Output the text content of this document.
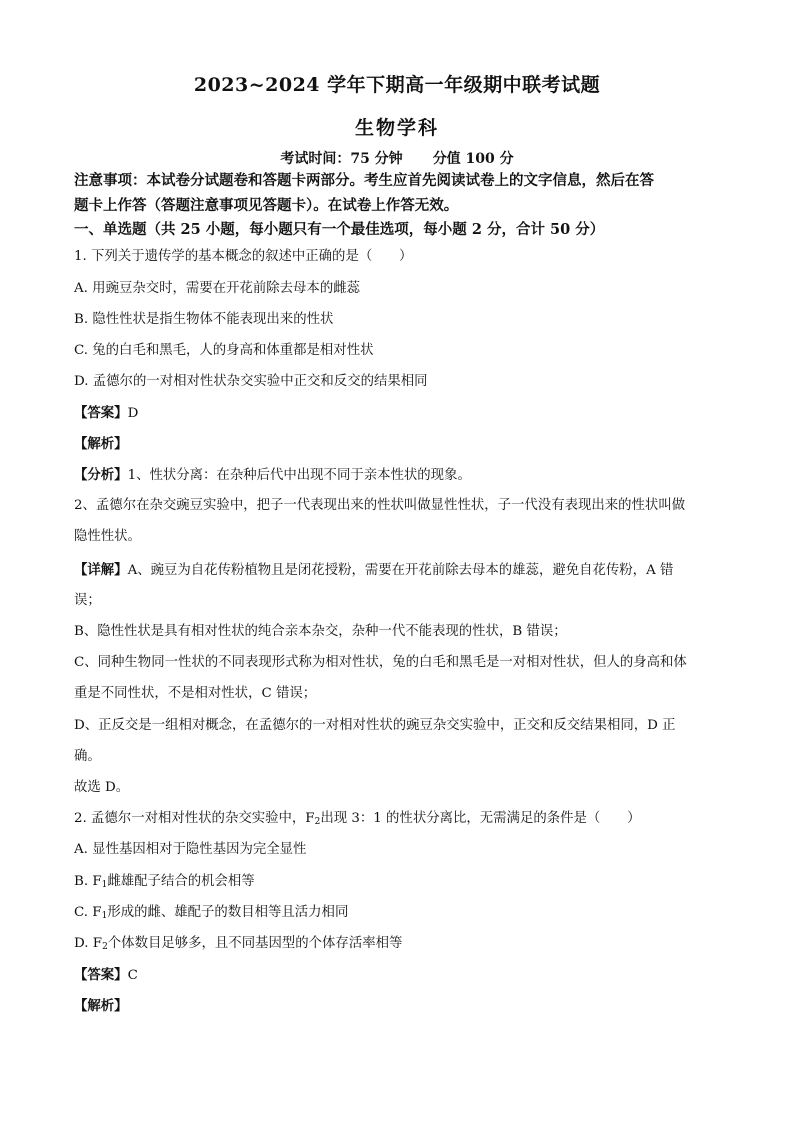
2023~2024 学年下期高一年级期中联考试题
生物学科
考试时间：75 分钟 分值 100 分
注意事项：本试卷分试题卷和答题卡两部分。考生应首先阅读试卷上的文字信息，然后在答
题卡上作答（答题注意事项见答题卡）。在试卷上作答无效。
一、单选题（共 25 小题，每小题只有一个最佳选项，每小题 2 分，合计 50 分）
1. 下列关于遗传学的基本概念的叙述中正确的是（　　）
A. 用豌豆杂交时，需要在开花前除去母本的雌蕊
B. 隐性性状是指生物体不能表现出来的性状
C. 兔的白毛和黑毛，人的身高和体重都是相对性状
D. 孟德尔的一对相对性状杂交实验中正交和反交的结果相同
【答案】D
【解析】
【分析】1、性状分离：在杂种后代中出现不同于亲本性状的现象。
2、孟德尔在杂交豌豆实验中，把子一代表现出来的性状叫做显性性状，子一代没有表现出来的性状叫做
隐性性状。
【详解】A、豌豆为自花传粉植物且是闭花授粉，需要在开花前除去母本的雄蕊，避免自花传粉，A 错
误；
B、隐性性状是具有相对性状的纯合亲本杂交，杂种一代不能表现的性状，B 错误；
C、同种生物同一性状的不同表现形式称为相对性状，兔的白毛和黑毛是一对相对性状，但人的身高和体
重是不同性状，不是相对性状，C 错误；
D、正反交是一组相对概念，在孟德尔的一对相对性状的豌豆杂交实验中，正交和反交结果相同，D 正
确。
故选 D。
2. 孟德尔一对相对性状的杂交实验中，$F_2$出现 3：1 的性状分离比，无需满足的条件是（　　）
A. 显性基因相对于隐性基因为完全显性
B. $F_1$雌雄配子结合的机会相等
C. $F_1$形成的雌、雄配子的数目相等且活力相同
D. $F_2$个体数目足够多，且不同基因型的个体存活率相等
【答案】C
【解析】
